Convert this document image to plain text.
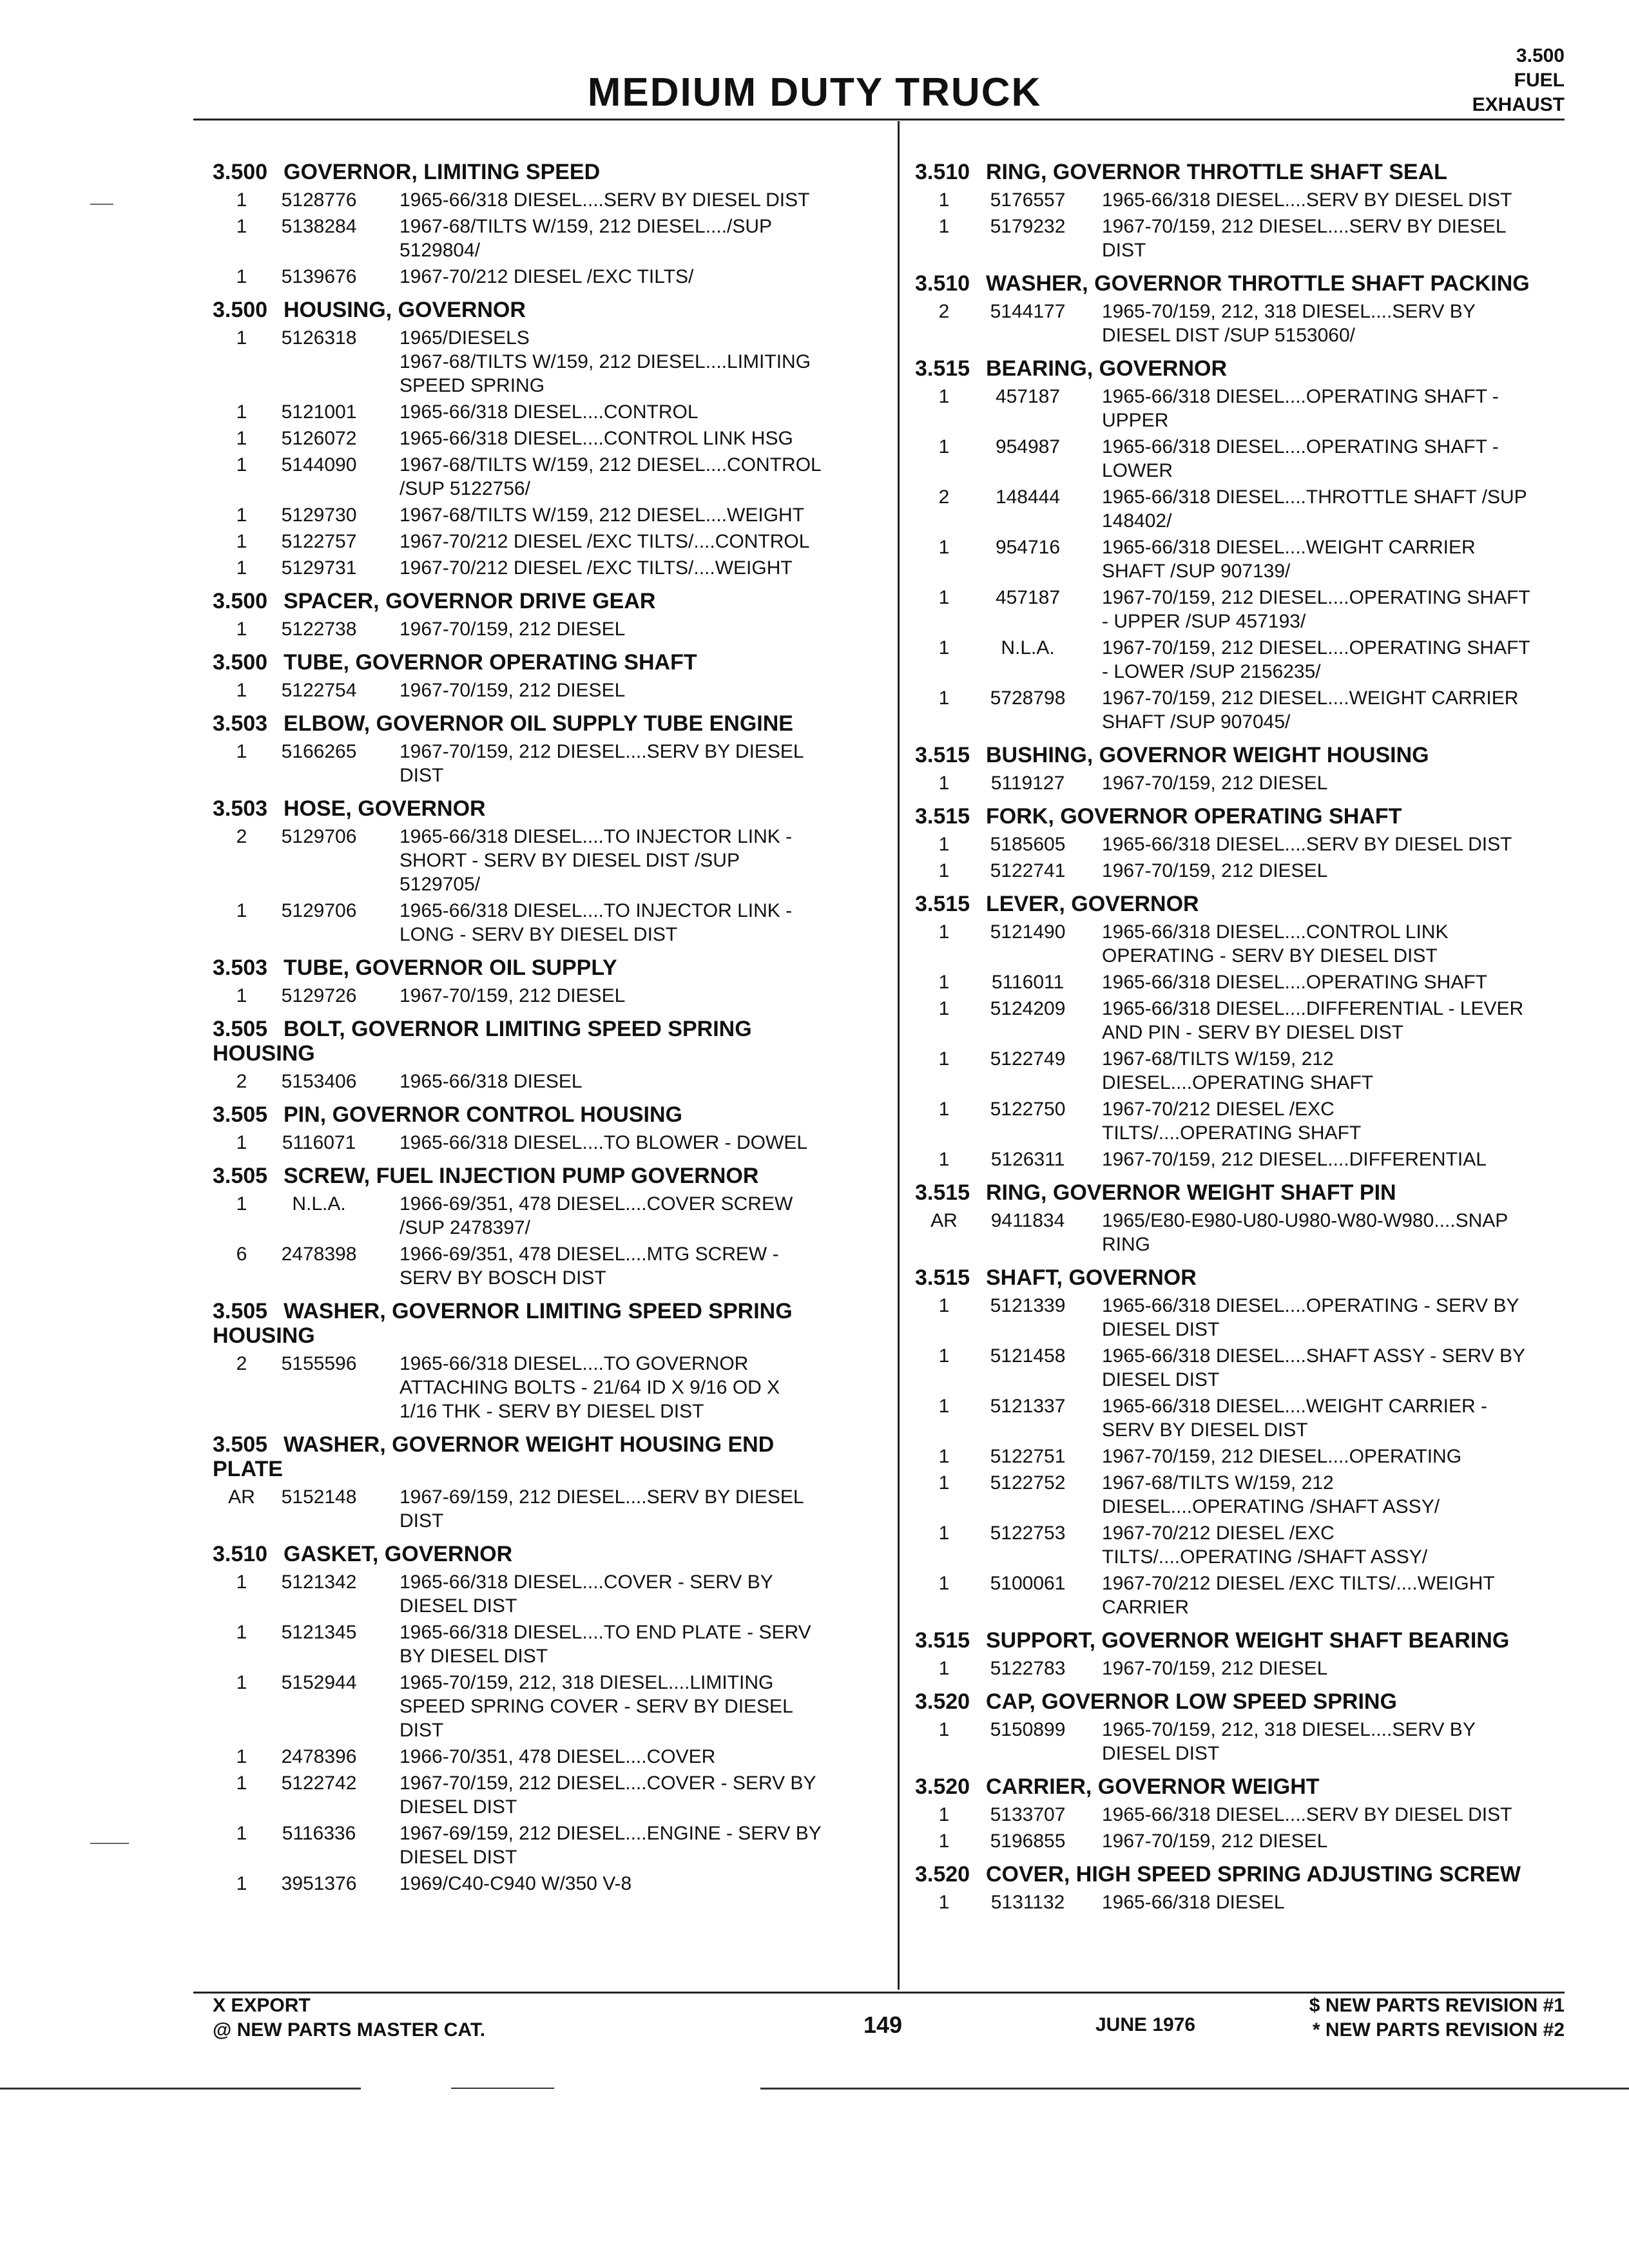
MEDIUM DUTY TRUCK
3.500
FUEL
EXHAUST
3.500 GOVERNOR, LIMITING SPEED
1	5128776	1965-66/318 DIESEL....SERV BY DIESEL DIST
1	5138284	1967-68/TILTS W/159, 212 DIESEL..../SUP
5129804/
1	5139676	1967-70/212 DIESEL /EXC TILTS/
3.500 HOUSING, GOVERNOR
1	5126318	1965/DIESELS
1967-68/TILTS W/159, 212 DIESEL....LIMITING
SPEED SPRING
1	5121001	1965-66/318 DIESEL....CONTROL
1	5126072	1965-66/318 DIESEL....CONTROL LINK HSG
1	5144090	1967-68/TILTS W/159, 212 DIESEL....CONTROL
/SUP 5122756/
1	5129730	1967-68/TILTS W/159, 212 DIESEL....WEIGHT
1	5122757	1967-70/212 DIESEL /EXC TILTS/....CONTROL
1	5129731	1967-70/212 DIESEL /EXC TILTS/....WEIGHT
3.500 SPACER, GOVERNOR DRIVE GEAR
1	5122738	1967-70/159, 212 DIESEL
3.500 TUBE, GOVERNOR OPERATING SHAFT
1	5122754	1967-70/159, 212 DIESEL
3.503 ELBOW, GOVERNOR OIL SUPPLY TUBE ENGINE
1	5166265	1967-70/159, 212 DIESEL....SERV BY DIESEL
DIST
3.503 HOSE, GOVERNOR
2	5129706	1965-66/318 DIESEL....TO INJECTOR LINK -
SHORT - SERV BY DIESEL DIST /SUP
5129705/
1	5129706	1965-66/318 DIESEL....TO INJECTOR LINK -
LONG - SERV BY DIESEL DIST
3.503 TUBE, GOVERNOR OIL SUPPLY
1	5129726	1967-70/159, 212 DIESEL
3.505 BOLT, GOVERNOR LIMITING SPEED SPRING
HOUSING
2	5153406	1965-66/318 DIESEL
3.505 PIN, GOVERNOR CONTROL HOUSING
1	5116071	1965-66/318 DIESEL....TO BLOWER - DOWEL
3.505 SCREW, FUEL INJECTION PUMP GOVERNOR
1	N.L.A.	1966-69/351, 478 DIESEL....COVER SCREW
/SUP 2478397/
6	2478398	1966-69/351, 478 DIESEL....MTG SCREW -
SERV BY BOSCH DIST
3.505 WASHER, GOVERNOR LIMITING SPEED SPRING
HOUSING
2	5155596	1965-66/318 DIESEL....TO GOVERNOR
ATTACHING BOLTS - 21/64 ID X 9/16 OD X
1/16 THK - SERV BY DIESEL DIST
3.505 WASHER, GOVERNOR WEIGHT HOUSING END
PLATE
AR	5152148	1967-69/159, 212 DIESEL....SERV BY DIESEL
DIST
3.510 GASKET, GOVERNOR
1	5121342	1965-66/318 DIESEL....COVER - SERV BY
DIESEL DIST
1	5121345	1965-66/318 DIESEL....TO END PLATE - SERV
BY DIESEL DIST
1	5152944	1965-70/159, 212, 318 DIESEL....LIMITING
SPEED SPRING COVER - SERV BY DIESEL
DIST
1	2478396	1966-70/351, 478 DIESEL....COVER
1	5122742	1967-70/159, 212 DIESEL....COVER - SERV BY
DIESEL DIST
1	5116336	1967-69/159, 212 DIESEL....ENGINE - SERV BY
DIESEL DIST
1	3951376	1969/C40-C940 W/350 V-8
3.510 RING, GOVERNOR THROTTLE SHAFT SEAL
1	5176557	1965-66/318 DIESEL....SERV BY DIESEL DIST
1	5179232	1967-70/159, 212 DIESEL....SERV BY DIESEL
DIST
3.510 WASHER, GOVERNOR THROTTLE SHAFT PACKING
2	5144177	1965-70/159, 212, 318 DIESEL....SERV BY
DIESEL DIST /SUP 5153060/
3.515 BEARING, GOVERNOR
1	457187	1965-66/318 DIESEL....OPERATING SHAFT -
UPPER
1	954987	1965-66/318 DIESEL....OPERATING SHAFT -
LOWER
2	148444	1965-66/318 DIESEL....THROTTLE SHAFT /SUP
148402/
1	954716	1965-66/318 DIESEL....WEIGHT CARRIER
SHAFT /SUP 907139/
1	457187	1967-70/159, 212 DIESEL....OPERATING SHAFT
- UPPER /SUP 457193/
1	N.L.A.	1967-70/159, 212 DIESEL....OPERATING SHAFT
- LOWER /SUP 2156235/
1	5728798	1967-70/159, 212 DIESEL....WEIGHT CARRIER
SHAFT /SUP 907045/
3.515 BUSHING, GOVERNOR WEIGHT HOUSING
1	5119127	1967-70/159, 212 DIESEL
3.515 FORK, GOVERNOR OPERATING SHAFT
1	5185605	1965-66/318 DIESEL....SERV BY DIESEL DIST
1	5122741	1967-70/159, 212 DIESEL
3.515 LEVER, GOVERNOR
1	5121490	1965-66/318 DIESEL....CONTROL LINK
OPERATING - SERV BY DIESEL DIST
1	5116011	1965-66/318 DIESEL....OPERATING SHAFT
1	5124209	1965-66/318 DIESEL....DIFFERENTIAL - LEVER
AND PIN - SERV BY DIESEL DIST
1	5122749	1967-68/TILTS W/159, 212
DIESEL....OPERATING SHAFT
1	5122750	1967-70/212 DIESEL /EXC
TILTS/....OPERATING SHAFT
1	5126311	1967-70/159, 212 DIESEL....DIFFERENTIAL
3.515 RING, GOVERNOR WEIGHT SHAFT PIN
AR	9411834	1965/E80-E980-U80-U980-W80-W980....SNAP
RING
3.515 SHAFT, GOVERNOR
1	5121339	1965-66/318 DIESEL....OPERATING - SERV BY
DIESEL DIST
1	5121458	1965-66/318 DIESEL....SHAFT ASSY - SERV BY
DIESEL DIST
1	5121337	1965-66/318 DIESEL....WEIGHT CARRIER -
SERV BY DIESEL DIST
1	5122751	1967-70/159, 212 DIESEL....OPERATING
1	5122752	1967-68/TILTS W/159, 212
DIESEL....OPERATING /SHAFT ASSY/
1	5122753	1967-70/212 DIESEL /EXC
TILTS/....OPERATING /SHAFT ASSY/
1	5100061	1967-70/212 DIESEL /EXC TILTS/....WEIGHT
CARRIER
3.515 SUPPORT, GOVERNOR WEIGHT SHAFT BEARING
1	5122783	1967-70/159, 212 DIESEL
3.520 CAP, GOVERNOR LOW SPEED SPRING
1	5150899	1965-70/159, 212, 318 DIESEL....SERV BY
DIESEL DIST
3.520 CARRIER, GOVERNOR WEIGHT
1	5133707	1965-66/318 DIESEL....SERV BY DIESEL DIST
1	5196855	1967-70/159, 212 DIESEL
3.520 COVER, HIGH SPEED SPRING ADJUSTING SCREW
1	5131132	1965-66/318 DIESEL
X EXPORT
@ NEW PARTS MASTER CAT.	149	JUNE 1976
$ NEW PARTS REVISION #1
* NEW PARTS REVISION #2
